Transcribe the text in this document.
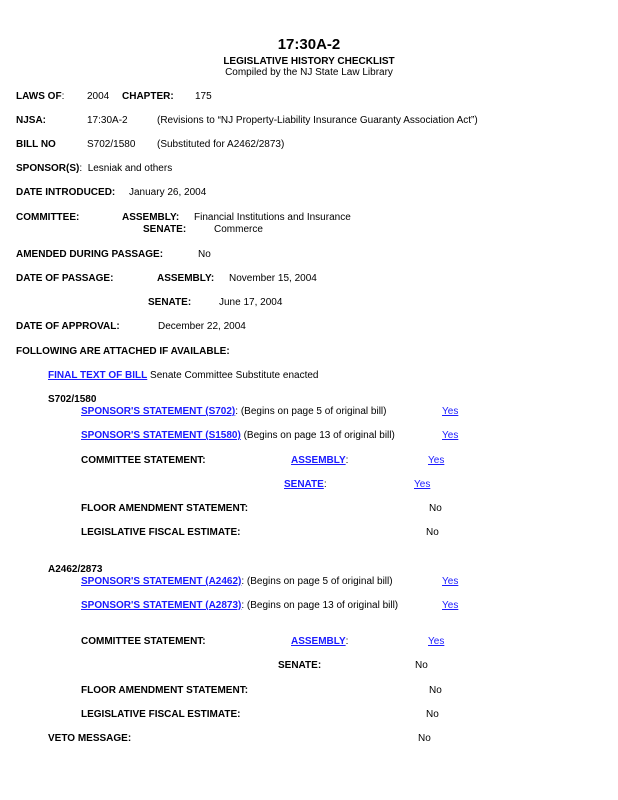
17:30A-2
LEGISLATIVE HISTORY CHECKLIST
Compiled by the NJ State Law Library
LAWS OF: 2004 CHAPTER: 175
NJSA:	17:30A-2	(Revisions to “NJ Property-Liability Insurance Guaranty Association Act”)
BILL NO	S702/1580 (Substituted for A2462/2873)
SPONSOR(S): Lesniak and others
DATE INTRODUCED: January 26, 2004
COMMITTEE:	ASSEMBLY: Financial Institutions and Insurance
SENATE:	Commerce
AMENDED DURING PASSAGE:	No
DATE OF PASSAGE:	ASSEMBLY: November 15, 2004
SENATE:	June 17, 2004
DATE OF APPROVAL:	December 22, 2004
FOLLOWING ARE ATTACHED IF AVAILABLE:
FINAL TEXT OF BILL Senate Committee Substitute enacted
S702/1580
SPONSOR'S STATEMENT (S702): (Begins on page 5 of original bill)	Yes
SPONSOR'S STATEMENT (S1580) (Begins on page 13 of original bill)	Yes
COMMITTEE STATEMENT:	ASSEMBLY:	Yes
SENATE:	Yes
FLOOR AMENDMENT STATEMENT:	No
LEGISLATIVE FISCAL ESTIMATE:	No
A2462/2873
SPONSOR'S STATEMENT (A2462): (Begins on page 5 of original bill)	Yes
SPONSOR'S STATEMENT (A2873): (Begins on page 13 of original bill)	Yes
COMMITTEE STATEMENT:	ASSEMBLY:	Yes
SENATE:	No
FLOOR AMENDMENT STATEMENT:	No
LEGISLATIVE FISCAL ESTIMATE:	No
VETO MESSAGE:	No
